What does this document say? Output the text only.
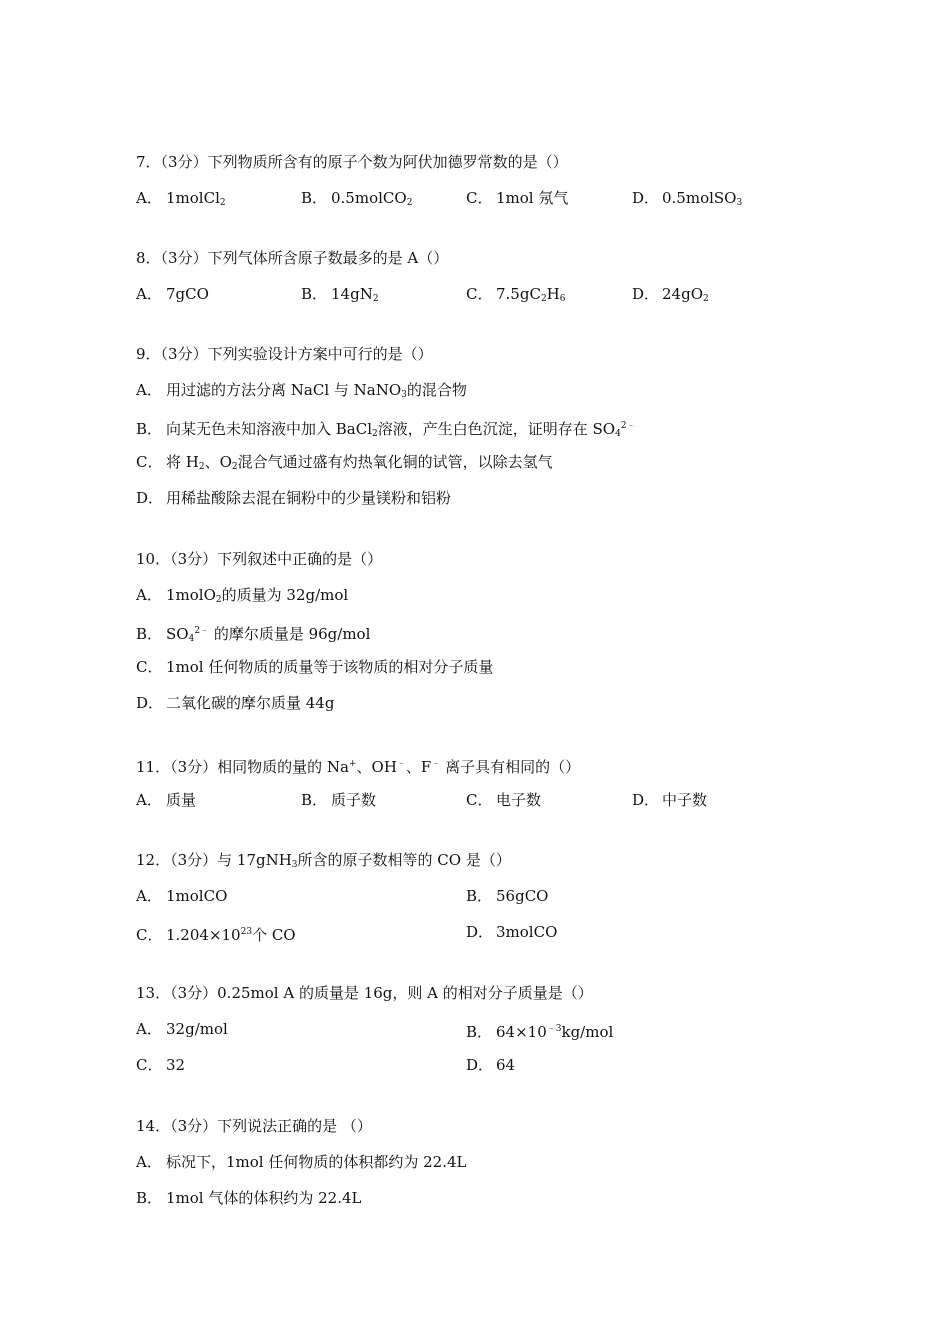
7．（3分）下列物质所含有的原子个数为阿伏加德罗常数的是（）
A． 1molCl$_2$	B． 0.5molCO$_2$	C． 1mol 氖气	D． 0.5molSO$_3$
8．（3分）下列气体所含原子数最多的是 A（）
A． 7gCO	B． $14gN_2$	C． $7.5gC_2H_6$	D． $24gO_2$
9．（3分）下列实验设计方案中可行的是（）
A． 用过滤的方法分离 NaCl 与 NaNO$_3$的混合物
B． 向某无色未知溶液中加入 BaCl$_2$溶液，产生白色沉淀，证明存在 $SO_4^{2﹣}$
C． 将 $H_2$、$O_2$混合气通过盛有灼热氧化铜的试管，以除去氢气
D． 用稀盐酸除去混在铜粉中的少量镁粉和铝粉
10．（3分）下列叙述中正确的是（）
A． 1molO$_2$的质量为 32g/mol
B． $SO_4^{2﹣}$ 的摩尔质量是 96g/mol
C． 1mol 任何物质的质量等于该物质的相对分子质量
D． 二氧化碳的摩尔质量 44g
11．（3分）相同物质的量的 Na+、OH﹣、F﹣ 离子具有相同的（）
A． 质量	B． 质子数	C． 电子数	D． 中子数
12．（3分）与 17gNH$_3$所含的原子数相等的 CO 是（）
A． 1molCO	B． 56gCO
C． $1.204\times 10^{23}$个 CO	D． 3molCO
13．（3分）0.25mol A 的质量是 16g，则 A 的相对分子质量是（）
A． 32g/mol	B． $64\times 10^{﹣3}kg$/mol
C． 32	D． 64
14．（3分）下列说法正确的是 （）
A． 标况下，1mol 任何物质的体积都约为 22.4L
B． 1mol 气体的体积约为 22.4L
